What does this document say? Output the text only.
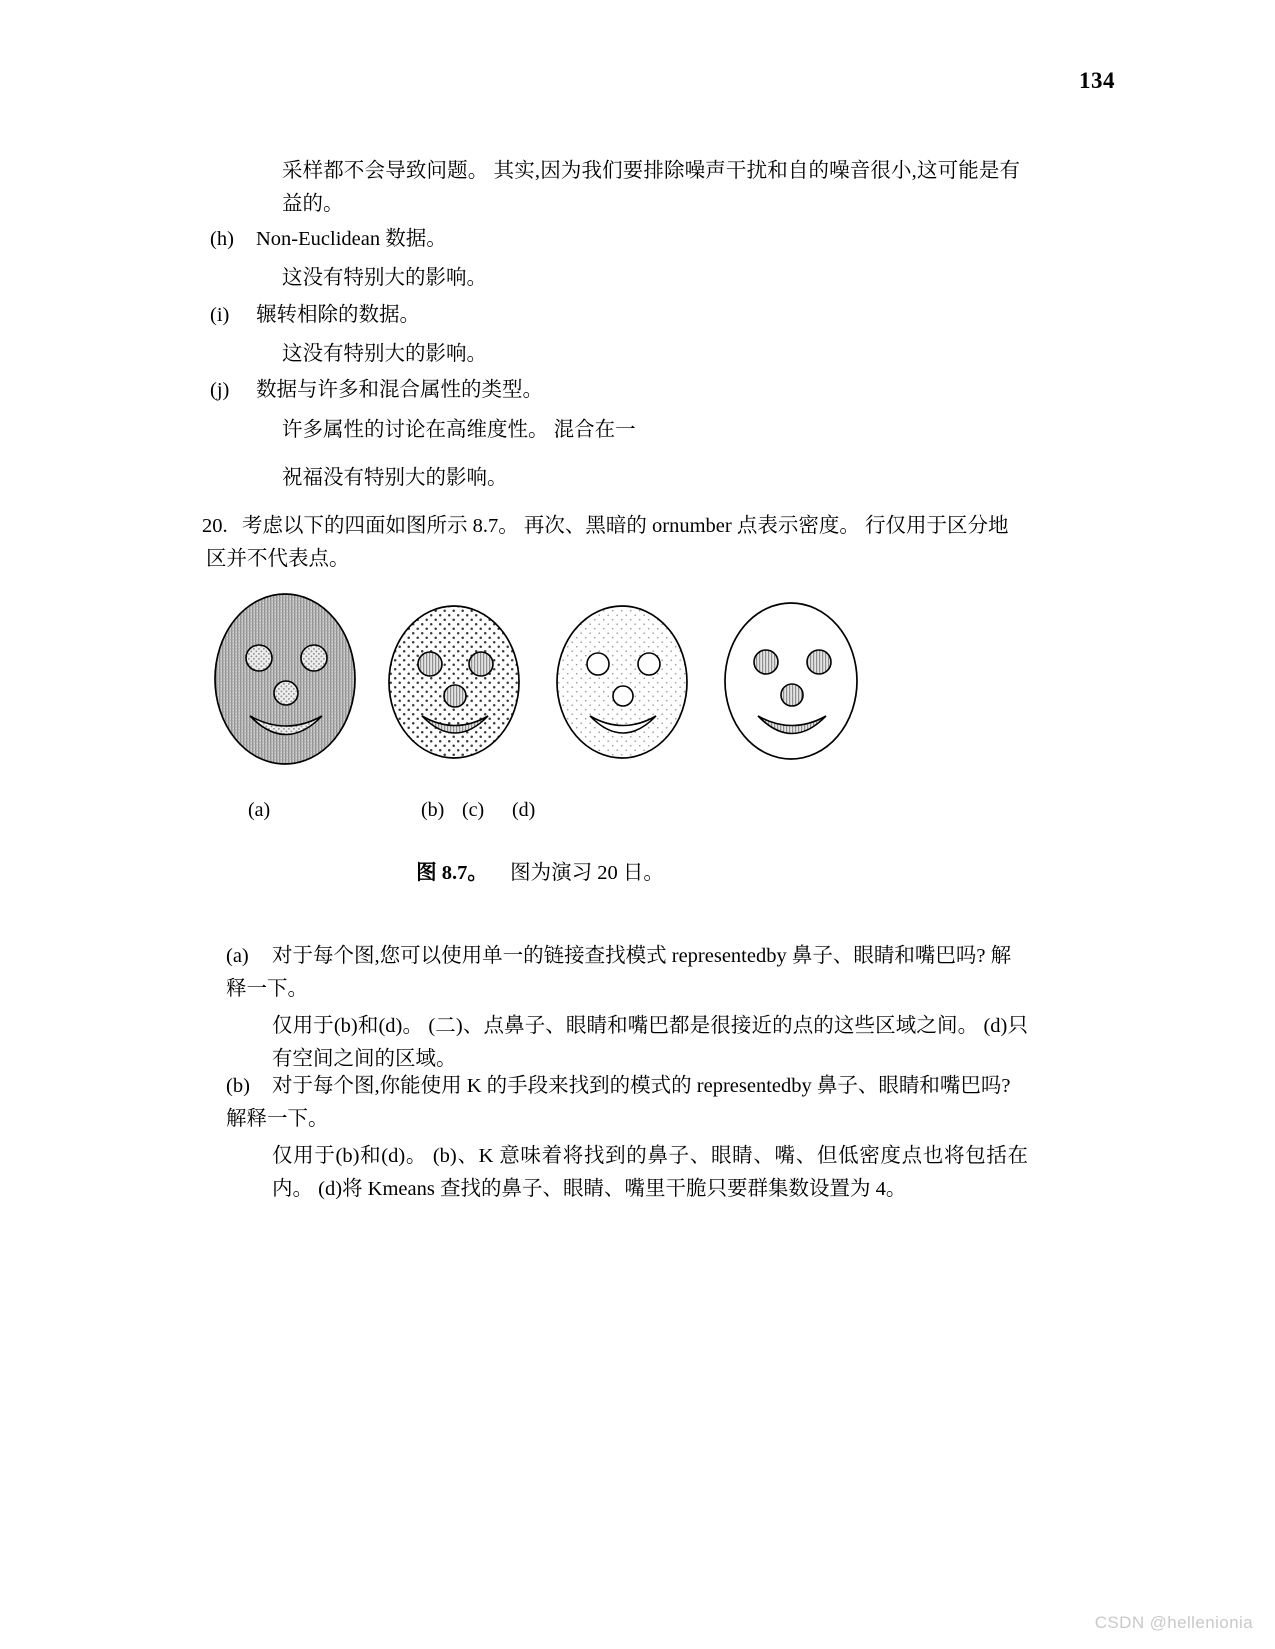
134

采样都不会导致问题。 其实,因为我们要排除噪声干扰和自的噪音很小,这可能是有益的。

(h)	Non-Euclidean 数据。

这没有特别大的影响。

(i)	辗转相除的数据。

这没有特别大的影响。

(j)	数据与许多和混合属性的类型。

许多属性的讨论在高维度性。 混合在一

祝福没有特别大的影响。

20. 考虑以下的四面如图所示 8.7。 再次、黑暗的 ornumber 点表示密度。 行仅用于区分地区并不代表点。
(a)	(b) (c) (d)
图 8.7。 图为演习 20 日。
(a)	对于每个图,您可以使用单一的链接查找模式 representedby 鼻子、眼睛和嘴巴吗? 解释一下。

仅用于(b)和(d)。 (二)、点鼻子、眼睛和嘴巴都是很接近的点的这些区域之间。 (d)只有空间之间的区域。

(b)	对于每个图,你能使用 K 的手段来找到的模式的 representedby 鼻子、眼睛和嘴巴吗? 解释一下。

仅用于(b)和(d)。 (b)、K 意味着将找到的鼻子、眼睛、嘴、但低密度点也将包括在内。 (d)将 Kmeans 查找的鼻子、眼睛、嘴里干脆只要群集数设置为 4。

CSDN @hellenionia
